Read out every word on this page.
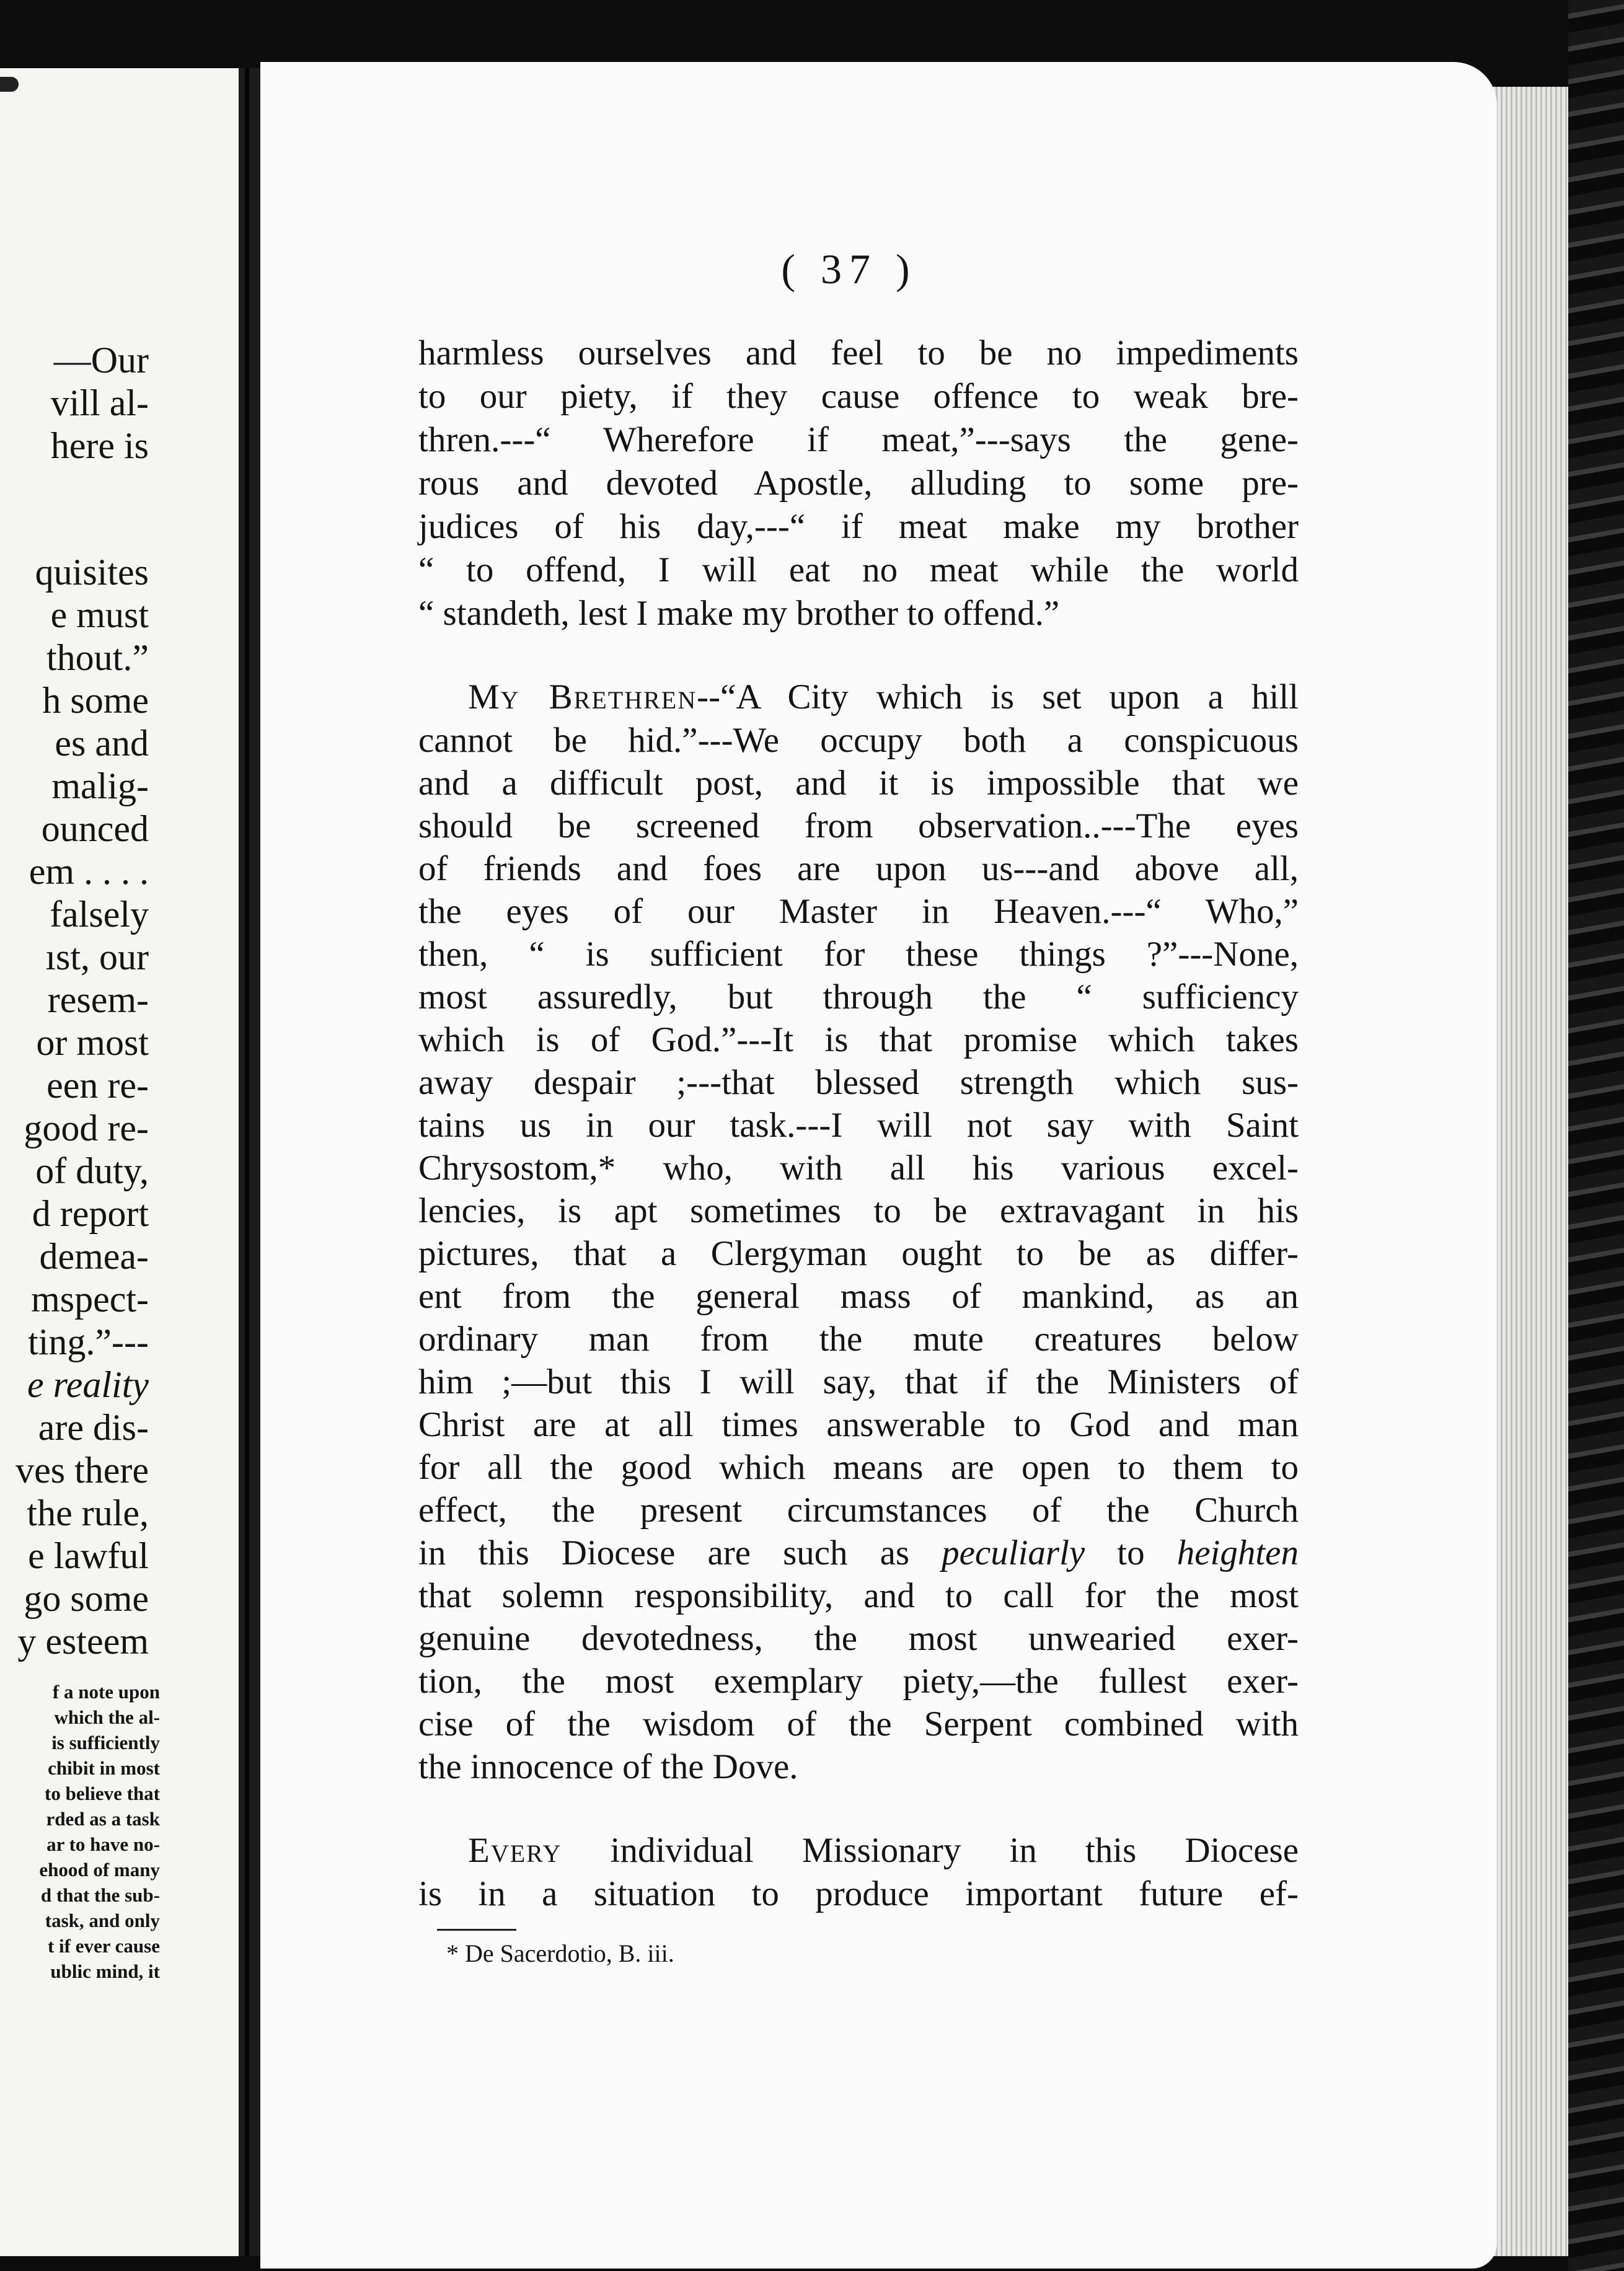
—Our
vill al-
here is
quisites
e must
thout.”
h some
es and
malig-
ounced
em . . . .
falsely
ıst, our
resem-
or most
een re-
good re-
of duty,
d report
demea-
mspect-
ting.”---
e reality
are dis-
ves there
the rule,
e lawful
go some
y esteem
f a note upon
which the al-
is sufficiently
chibit in most
to believe that
rded as a task
ar to have no-
ehood of many
d that the sub-
task, and only
t if ever cause
ublic mind, it
( 37 )
harmless ourselves and feel to be no impediments
to our piety, if they cause offence to weak bre-
thren.---“ Wherefore if meat,”---says the gene-
rous and devoted Apostle, alluding to some pre-
judices of his day,---“ if meat make my brother
“ to offend, I will eat no meat while the world
“ standeth, lest I make my brother to offend.”
My Brethren--“A City which is set upon a hill
cannot be hid.”---We occupy both a conspicuous
and a difficult post, and it is impossible that we
should be screened from observation..---The eyes
of friends and foes are upon us---and above all,
the eyes of our Master in Heaven.---“ Who,”
then, “ is sufficient for these things ?”---None,
most assuredly, but through the “ sufficiency
which is of God.”---It is that promise which takes
away despair ;---that blessed strength which sus-
tains us in our task.---I will not say with Saint
Chrysostom,* who, with all his various excel-
lencies, is apt sometimes to be extravagant in his
pictures, that a Clergyman ought to be as differ-
ent from the general mass of mankind, as an
ordinary man from the mute creatures below
him ;—but this I will say, that if the Ministers of
Christ are at all times answerable to God and man
for all the good which means are open to them to
effect, the present circumstances of the Church
in this Diocese are such as peculiarly to heighten
that solemn responsibility, and to call for the most
genuine devotedness, the most unwearied exer-
tion, the most exemplary piety,—the fullest exer-
cise of the wisdom of the Serpent combined with
the innocence of the Dove.
Every individual Missionary in this Diocese
is in a situation to produce important future ef-
* De Sacerdotio, B. iii.
